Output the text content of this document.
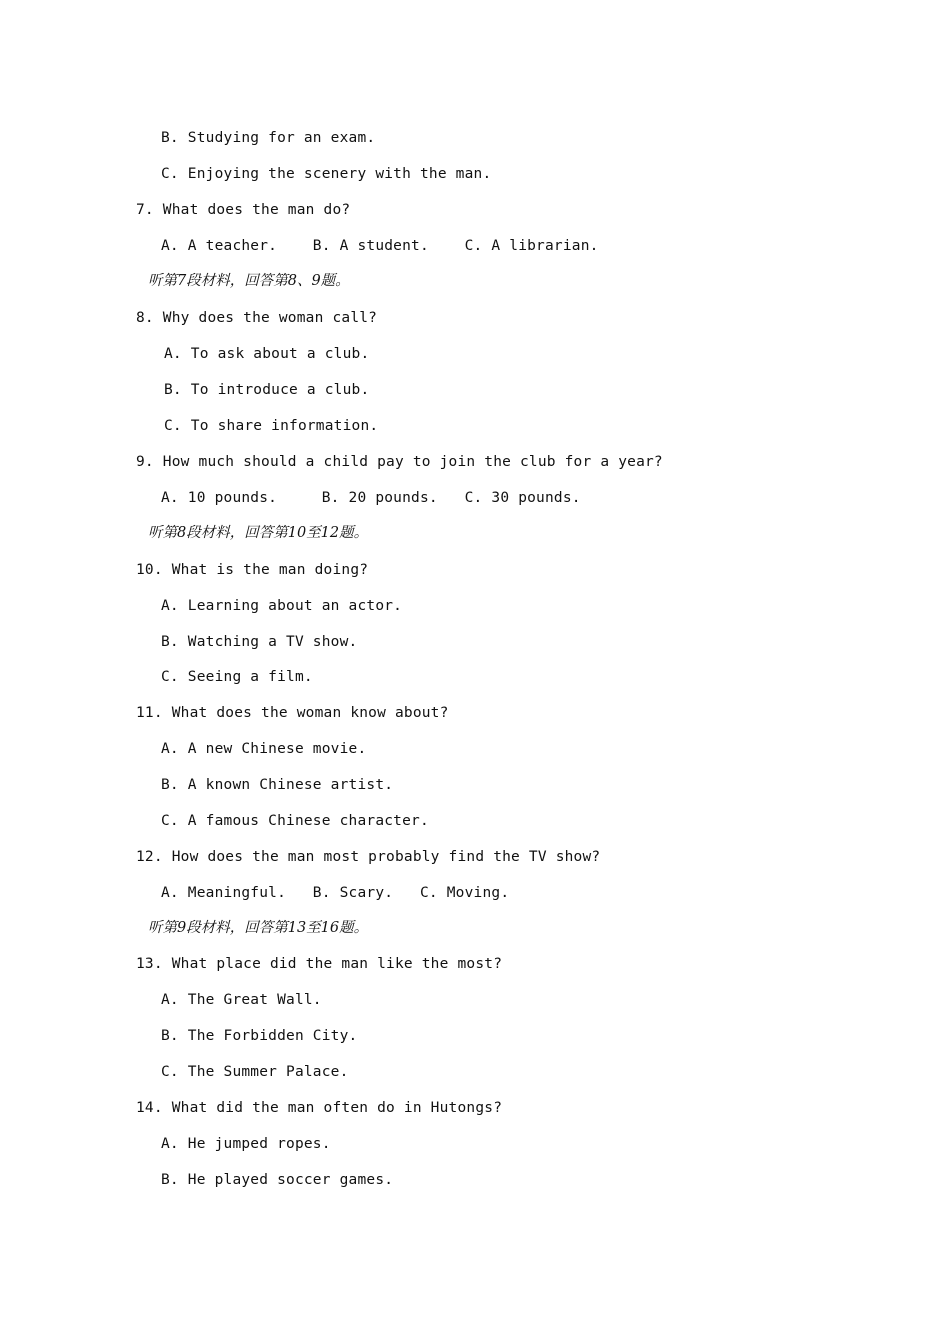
B. Studying for an exam.
C. Enjoying the scenery with the man.
7. What does the man do?
A. A teacher.    B. A student.    C. A librarian.
听第7段材料，回答第8、9题。
8. Why does the woman call?
A. To ask about a club.
B. To introduce a club.
C. To share information.
9. How much should a child pay to join the club for a year?
A. 10 pounds.     B. 20 pounds.   C. 30 pounds.
听第8段材料，回答第10至12题。
10. What is the man doing?
A. Learning about an actor.
B. Watching a TV show.
C. Seeing a film.
11. What does the woman know about?
A. A new Chinese movie.
B. A known Chinese artist.
C. A famous Chinese character.
12. How does the man most probably find the TV show?
A. Meaningful.   B. Scary.   C. Moving.
听第9段材料，回答第13至16题。
13. What place did the man like the most?
A. The Great Wall.
B. The Forbidden City.
C. The Summer Palace.
14. What did the man often do in Hutongs?
A. He jumped ropes.
B. He played soccer games.
